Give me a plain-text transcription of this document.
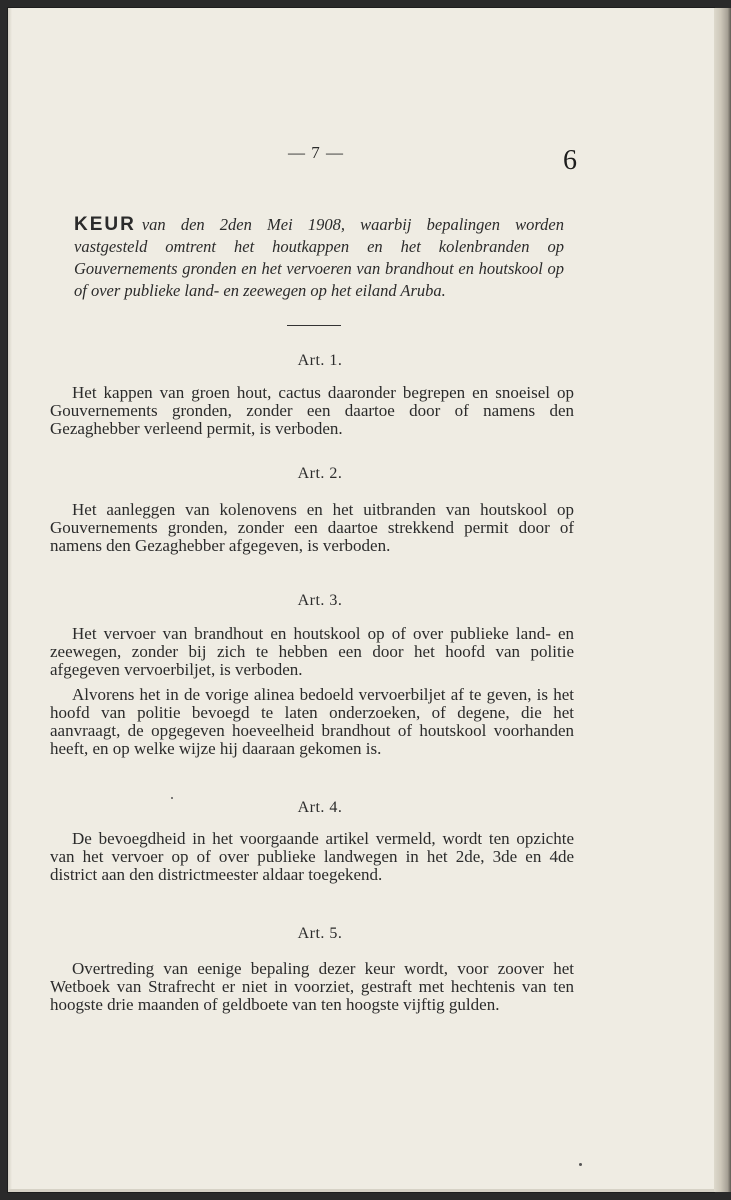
— 7 —	6
KEUR van den 2den Mei 1908, waarbij bepalingen worden vastgesteld omtrent het houtkappen en het kolenbranden op Gouvernements gronden en het vervoeren van brandhout en houtskool op of over publieke land- en zeewegen op het eiland Aruba.
Art. 1.
Het kappen van groen hout, cactus daaronder begrepen en snoeisel op Gouvernements gronden, zonder een daartoe door of namens den Gezaghebber verleend permit, is verboden.
Art. 2.
Het aanleggen van kolenovens en het uitbranden van houtskool op Gouvernements gronden, zonder een daartoe strekkend permit door of namens den Gezaghebber afgegeven, is verboden.
Art. 3.
Het vervoer van brandhout en houtskool op of over publieke land- en zeewegen, zonder bij zich te hebben een door het hoofd van politie afgegeven vervoerbiljet, is verboden.
Alvorens het in de vorige alinea bedoeld vervoerbiljet af te geven, is het hoofd van politie bevoegd te laten onderzoeken, of degene, die het aanvraagt, de opgegeven hoeveelheid brandhout of houtskool voorhanden heeft, en op welke wijze hij daaraan gekomen is.
Art. 4.
De bevoegdheid in het voorgaande artikel vermeld, wordt ten opzichte van het vervoer op of over publieke landwegen in het 2de, 3de en 4de district aan den districtmeester aldaar toegekend.
Art. 5.
Overtreding van eenige bepaling dezer keur wordt, voor zoover het Wetboek van Strafrecht er niet in voorziet, gestraft met hechtenis van ten hoogste drie maanden of geldboete van ten hoogste vijftig gulden.
